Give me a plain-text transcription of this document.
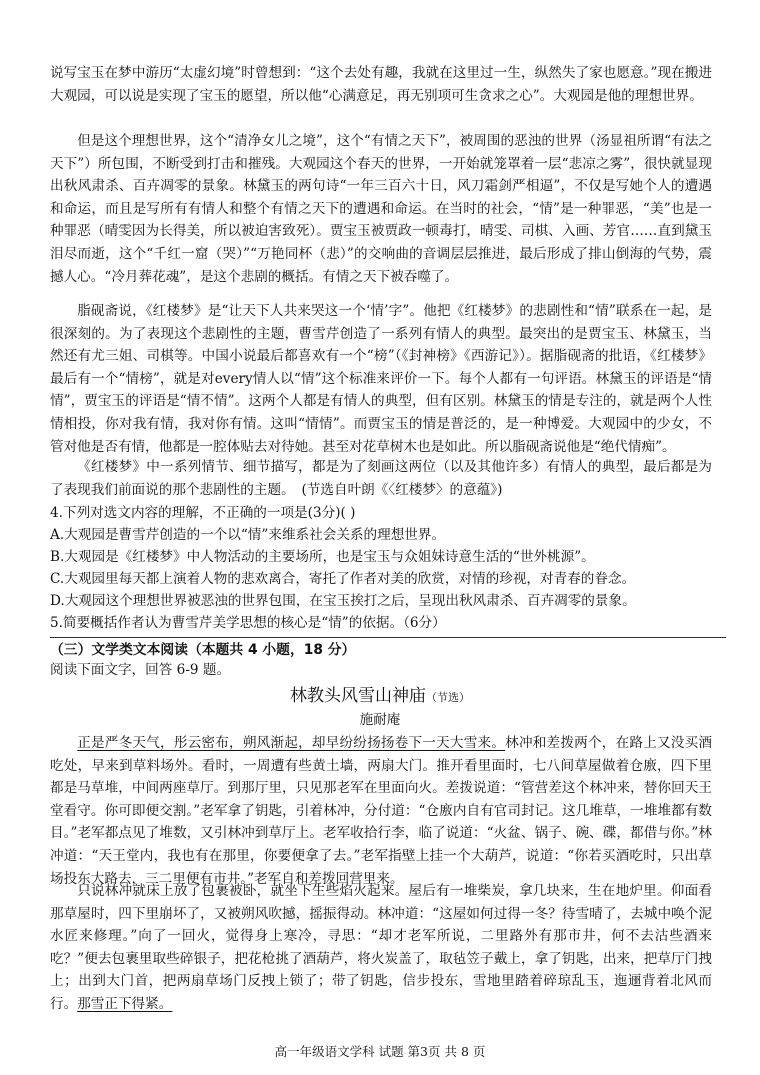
说写宝玉在梦中游历“太虚幻境”时曾想到：“这个去处有趣，我就在这里过一生，纵然失了家也愿意。”现在搬进大观园，可以说是实现了宝玉的愿望，所以他“心满意足，再无别项可生贪求之心”。大观园是他的理想世界。

但是这个理想世界，这个“清净女儿之境”，这个“有情之天下”，被周围的恶浊的世界（汤显祖所谓“有法之天下”）所包围，不断受到打击和摧残。大观园这个春天的世界，一开始就笼罩着一层“悲凉之雾”，很快就显现出秋风肃杀、百卉凋零的景象。林黛玉的两句诗“一年三百六十日，风刀霜剑严相逼”，不仅是写她个人的遭遇和命运，而且是写所有有情人和整个有情之天下的遭遇和命运。在当时的社会，“情”是一种罪恶，“美”也是一种罪恶（晴雯因为长得美，所以被迫害致死）。贾宝玉被贾政一顿毒打，晴雯、司棋、入画、芳官……直到黛玉泪尽而逝，这个“千红一窟（哭）”“万艳同杯（悲）”的交响曲的音调层层推进，最后形成了排山倒海的气势，震撼人心。“冷月葬花魂”，是这个悲剧的概括。有情之天下被吞噬了。

脂砚斋说，《红楼梦》是“让天下人共来哭这一个‘情’字”。他把《红楼梦》的悲剧性和“情”联系在一起，是很深刻的。为了表现这个悲剧性的主题，曹雪芹创造了一系列有情人的典型。最突出的是贾宝玉、林黛玉，当然还有尤三姐、司棋等。中国小说最后都喜欢有一个“榜”（《封神榜》《西游记》）。据脂砚斋的批语，《红楼梦》最后有一个“情榜”，就是对every情人以“情”这个标准来评价一下。每个人都有一句评语。林黛玉的评语是“情情”，贾宝玉的评语是“情不情”。这两个人都是有情人的典型，但有区别。林黛玉的情是专注的，就是两个人性情相投，你对我有情，我对你有情。这叫“情情”。而贾宝玉的情是普泛的，是一种博爱。大观园中的少女，不管对他是否有情，他都是一腔体贴去对待她。甚至对花草树木也是如此。所以脂砚斋说他是“绝代情痴”。

《红楼梦》中一系列情节、细节描写，都是为了刻画这两位（以及其他许多）有情人的典型，最后都是为了表现我们前面说的那个悲剧性的主题。　(节选自叶朗《〈红楼梦〉的意蕴》)

4.下列对选文内容的理解，不正确的一项是(3分)( )

A.大观园是曹雪芹创造的一个以“情”来维系社会关系的理想世界。

B.大观园是《红楼梦》中人物活动的主要场所，也是宝玉与众姐妹诗意生活的“世外桃源”。

C.大观园里每天都上演着人物的悲欢离合，寄托了作者对美的欣赏，对情的珍视，对青春的眷念。

D.大观园这个理想世界被恶浊的世界包围，在宝玉挨打之后，呈现出秋风肃杀、百卉凋零的景象。

5.简要概括作者认为曹雪芹美学思想的核心是“情”的依据。（6分）

（三）文学类文本阅读（本题共 4 小题，18 分）
阅读下面文字，回答 6-9 题。
林教头风雪山神庙（节选）
施耐庵

正是严冬天气，彤云密布，朔风渐起，却早纷纷扬扬卷下一天大雪来。林冲和差拨两个，在路上又没买酒吃处，早来到草料场外。看时，一周遭有些黄土墙，两扇大门。推开看里面时，七八间草屋做着仓廒，四下里都是马草堆，中间两座草厅。到那厅里，只见那老军在里面向火。差拨说道：“管营差这个林冲来，替你回天王堂看守。你可即便交割。”老军拿了钥匙，引着林冲，分付道：“仓廒内自有官司封记。这几堆草，一堆堆都有数目。”老军都点见了堆数，又引林冲到草厅上。老军收拾行李，临了说道：“火盆、锅子、碗、碟，都借与你。”林冲道：“天王堂内，我也有在那里，你要便拿了去。”老军指壁上挂一个大葫芦，说道：“你若买酒吃时，只出草场投东大路去，三二里便有市井。”老军自和差拨回营里来。

只说林冲就床上放了包裹被卧，就坐下生些焰火起来。屋后有一堆柴炭，拿几块来，生在地炉里。仰面看那草屋时，四下里崩坏了，又被朔风吹撼，摇振得动。林冲道：“这屋如何过得一冬？待雪晴了，去城中唤个泥水匠来修理。”向了一回火，觉得身上寒冷，寻思：“却才老军所说，二里路外有那市井，何不去沽些酒来吃？”便去包裹里取些碎银子，把花枪挑了酒葫芦，将火炭盖了，取毡笠子戴上，拿了钥匙，出来，把草厅门拽上；出到大门首，把两扇草场门反拽上锁了；带了钥匙，信步投东，雪地里踏着碎琼乱玉，迤逦背着北风而行。那雪正下得紧。

高一年级语文学科 试题 第3页 共 8 页
